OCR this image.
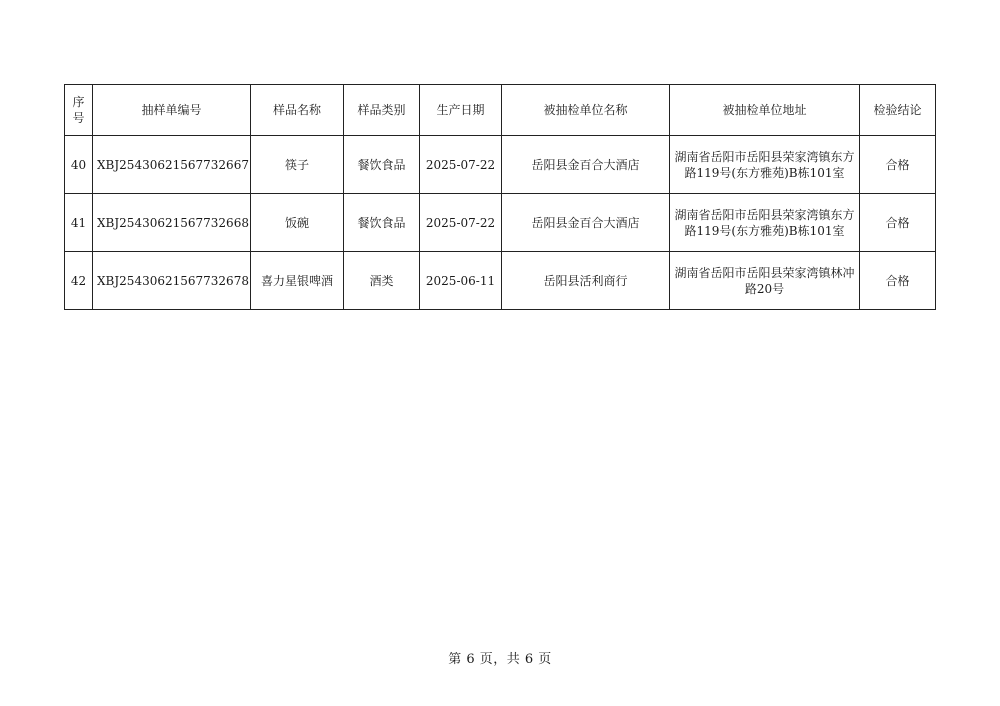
序
号	抽样单编号	样品名称	样品类别	生产日期	被抽检单位名称	被抽检单位地址	检验结论
40	XBJ25430621567732667	筷子	餐饮食品	2025-07-22	岳阳县金百合大酒店	湖南省岳阳市岳阳县荣家湾镇东方路119号(东方雅苑)B栋101室	合格
41	XBJ25430621567732668	饭碗	餐饮食品	2025-07-22	岳阳县金百合大酒店	湖南省岳阳市岳阳县荣家湾镇东方路119号(东方雅苑)B栋101室	合格
42	XBJ25430621567732678	喜力星银啤酒	酒类	2025-06-11	岳阳县活利商行	湖南省岳阳市岳阳县荣家湾镇林冲路20号	合格
第 6 页，共 6 页
